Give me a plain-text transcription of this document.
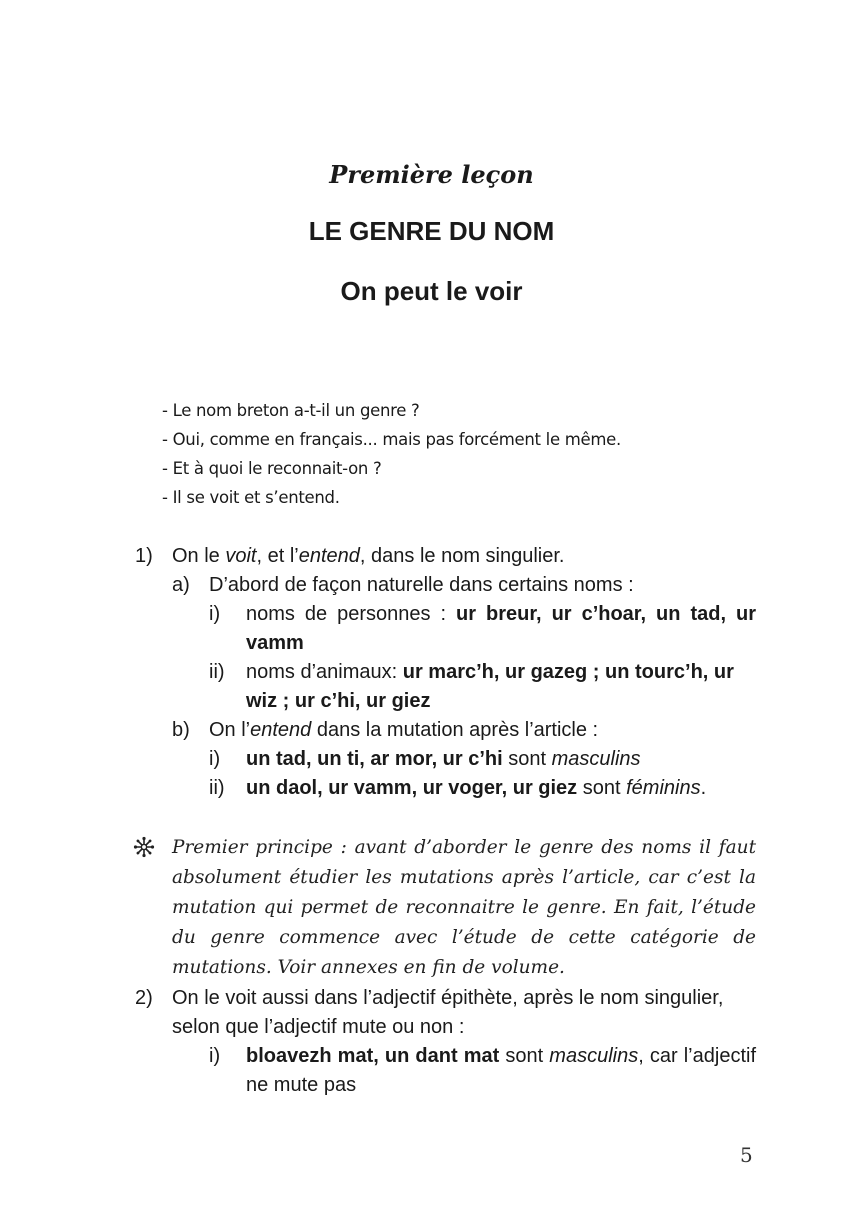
Première leçon
LE GENRE DU NOM
On peut le voir
- Le nom breton a-t-il un genre ?
- Oui, comme en français... mais pas forcément le même.
- Et à quoi le reconnait-on ?
- Il se voit et s’entend.
1) On le voit, et l’entend, dans le nom singulier.
a) D’abord de façon naturelle dans certains noms :
i) noms de personnes : ur breur, ur c’hoar, un tad, ur vamm
ii) noms d’animaux: ur marc’h, ur gazeg ; un tourc’h, ur wiz ; ur c’hi, ur giez
b) On l’entend dans la mutation après l’article :
i) un tad, un ti, ar mor, ur c’hi sont masculins
ii) un daol, ur vamm, ur voger, ur giez sont féminins.
Premier principe : avant d’aborder le genre des noms il faut absolument étudier les mutations après l’article, car c’est la mutation qui permet de reconnaitre le genre. En fait, l’étude du genre commence avec l’étude de cette catégorie de mutations. Voir annexes en fin de volume.
2) On le voit aussi dans l’adjectif épithète, après le nom singulier, selon que l’adjectif mute ou non :
i) bloavezh mat, un dant mat sont masculins, car l’adjectif ne mute pas
5
